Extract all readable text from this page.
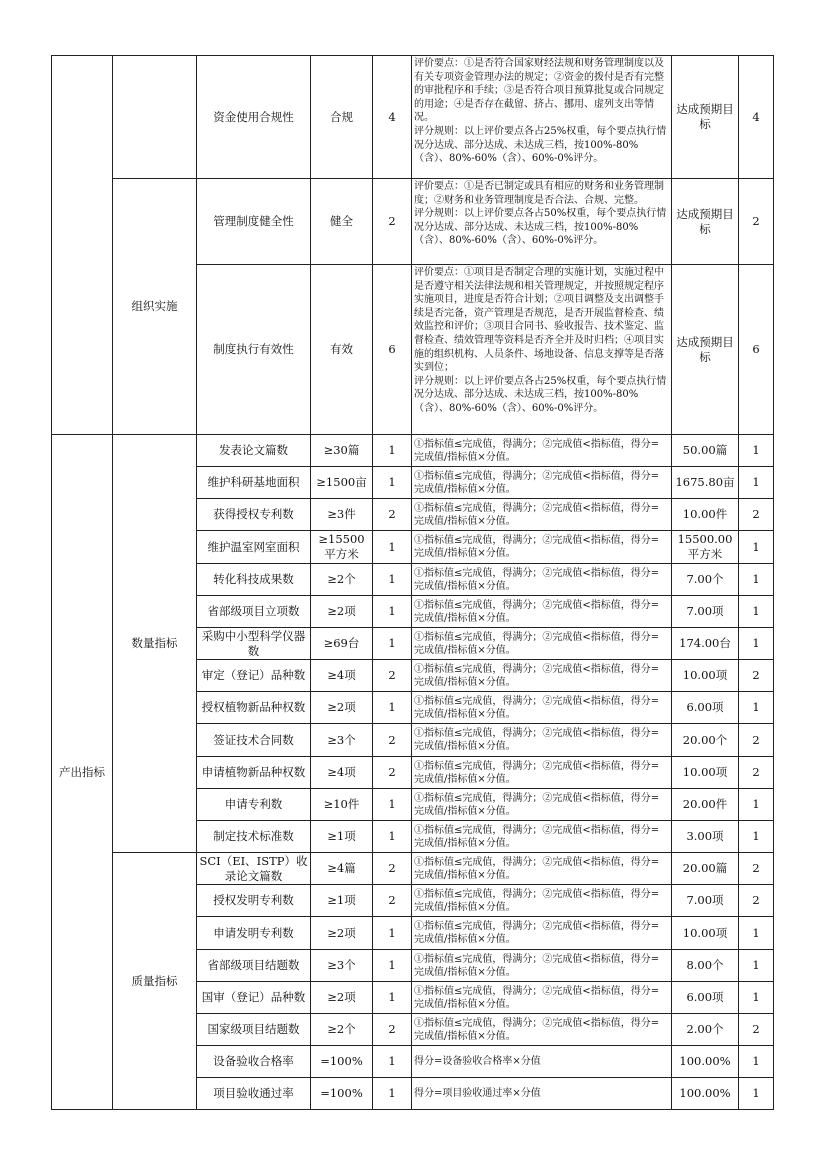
		资金使用合规性	合规	4	评价要点：①是否符合国家财经法规和财务管理制度以及有关专项资金管理办法的规定；②资金的拨付是否有完整的审批程序和手续；③是否符合项目预算批复或合同规定的用途；④是否存在截留、挤占、挪用、虚列支出等情况。
评分规则：以上评价要点各占25%权重，每个要点执行情况分达成、部分达成、未达成三档，按100%-80%（含）、80%-60%（含）、60%-0%评分。	达成预期目标	4
	组织实施	管理制度健全性	健全	2	评价要点：①是否已制定或具有相应的财务和业务管理制度；②财务和业务管理制度是否合法、合规、完整。
评分规则：以上评价要点各占50%权重，每个要点执行情况分达成、部分达成、未达成三档，按100%-80%（含）、80%-60%（含）、60%-0%评分。	达成预期目标	2
		制度执行有效性	有效	6	评价要点：①项目是否制定合理的实施计划，实施过程中是否遵守相关法律法规和相关管理规定，并按照规定程序实施项目，进度是否符合计划；②项目调整及支出调整手续是否完备，资产管理是否规范，是否开展监督检查、绩效监控和评价；③项目合同书、验收报告、技术鉴定、监督检查、绩效管理等资料是否齐全并及时归档；④项目实施的组织机构、人员条件、场地设备、信息支撑等是否落实到位；
评分规则：以上评价要点各占25%权重，每个要点执行情况分达成、部分达成、未达成三档，按100%-80%（含）、80%-60%（含）、60%-0%评分。	达成预期目标	6
产出指标	数量指标	发表论文篇数	≥30篇	1	①指标值≤完成值，得满分；②完成值<指标值，得分=完成值/指标值×分值。	50.00篇	1
		维护科研基地面积	≥1500亩	1	①指标值≤完成值，得满分；②完成值<指标值，得分=完成值/指标值×分值。	1675.80亩	1
		获得授权专利数	≥3件	2	①指标值≤完成值，得满分；②完成值<指标值，得分=完成值/指标值×分值。	10.00件	2
		维护温室网室面积	≥15500平方米	1	①指标值≤完成值，得满分；②完成值<指标值，得分=完成值/指标值×分值。	15500.00平方米	1
		转化科技成果数	≥2个	1	①指标值≤完成值，得满分；②完成值<指标值，得分=完成值/指标值×分值。	7.00个	1
		省部级项目立项数	≥2项	1	①指标值≤完成值，得满分；②完成值<指标值，得分=完成值/指标值×分值。	7.00项	1
		采购中小型科学仪器数	≥69台	1	①指标值≤完成值，得满分；②完成值<指标值，得分=完成值/指标值×分值。	174.00台	1
		审定（登记）品种数	≥4项	2	①指标值≤完成值，得满分；②完成值<指标值，得分=完成值/指标值×分值。	10.00项	2
		授权植物新品种权数	≥2项	1	①指标值≤完成值，得满分；②完成值<指标值，得分=完成值/指标值×分值。	6.00项	1
		签证技术合同数	≥3个	2	①指标值≤完成值，得满分；②完成值<指标值，得分=完成值/指标值×分值。	20.00个	2
		申请植物新品种权数	≥4项	2	①指标值≤完成值，得满分；②完成值<指标值，得分=完成值/指标值×分值。	10.00项	2
		申请专利数	≥10件	1	①指标值≤完成值，得满分；②完成值<指标值，得分=完成值/指标值×分值。	20.00件	1
		制定技术标准数	≥1项	1	①指标值≤完成值，得满分；②完成值<指标值，得分=完成值/指标值×分值。	3.00项	1
	质量指标	SCI（EI、ISTP）收录论文篇数	≥4篇	2	①指标值≤完成值，得满分；②完成值<指标值，得分=完成值/指标值×分值。	20.00篇	2
		授权发明专利数	≥1项	2	①指标值≤完成值，得满分；②完成值<指标值，得分=完成值/指标值×分值。	7.00项	2
		申请发明专利数	≥2项	1	①指标值≤完成值，得满分；②完成值<指标值，得分=完成值/指标值×分值。	10.00项	1
		省部级项目结题数	≥3个	1	①指标值≤完成值，得满分；②完成值<指标值，得分=完成值/指标值×分值。	8.00个	1
		国审（登记）品种数	≥2项	1	①指标值≤完成值，得满分；②完成值<指标值，得分=完成值/指标值×分值。	6.00项	1
		国家级项目结题数	≥2个	2	①指标值≤完成值，得满分；②完成值<指标值，得分=完成值/指标值×分值。	2.00个	2
		设备验收合格率	=100%	1	得分=设备验收合格率×分值	100.00%	1
		项目验收通过率	=100%	1	得分=项目验收通过率×分值	100.00%	1
